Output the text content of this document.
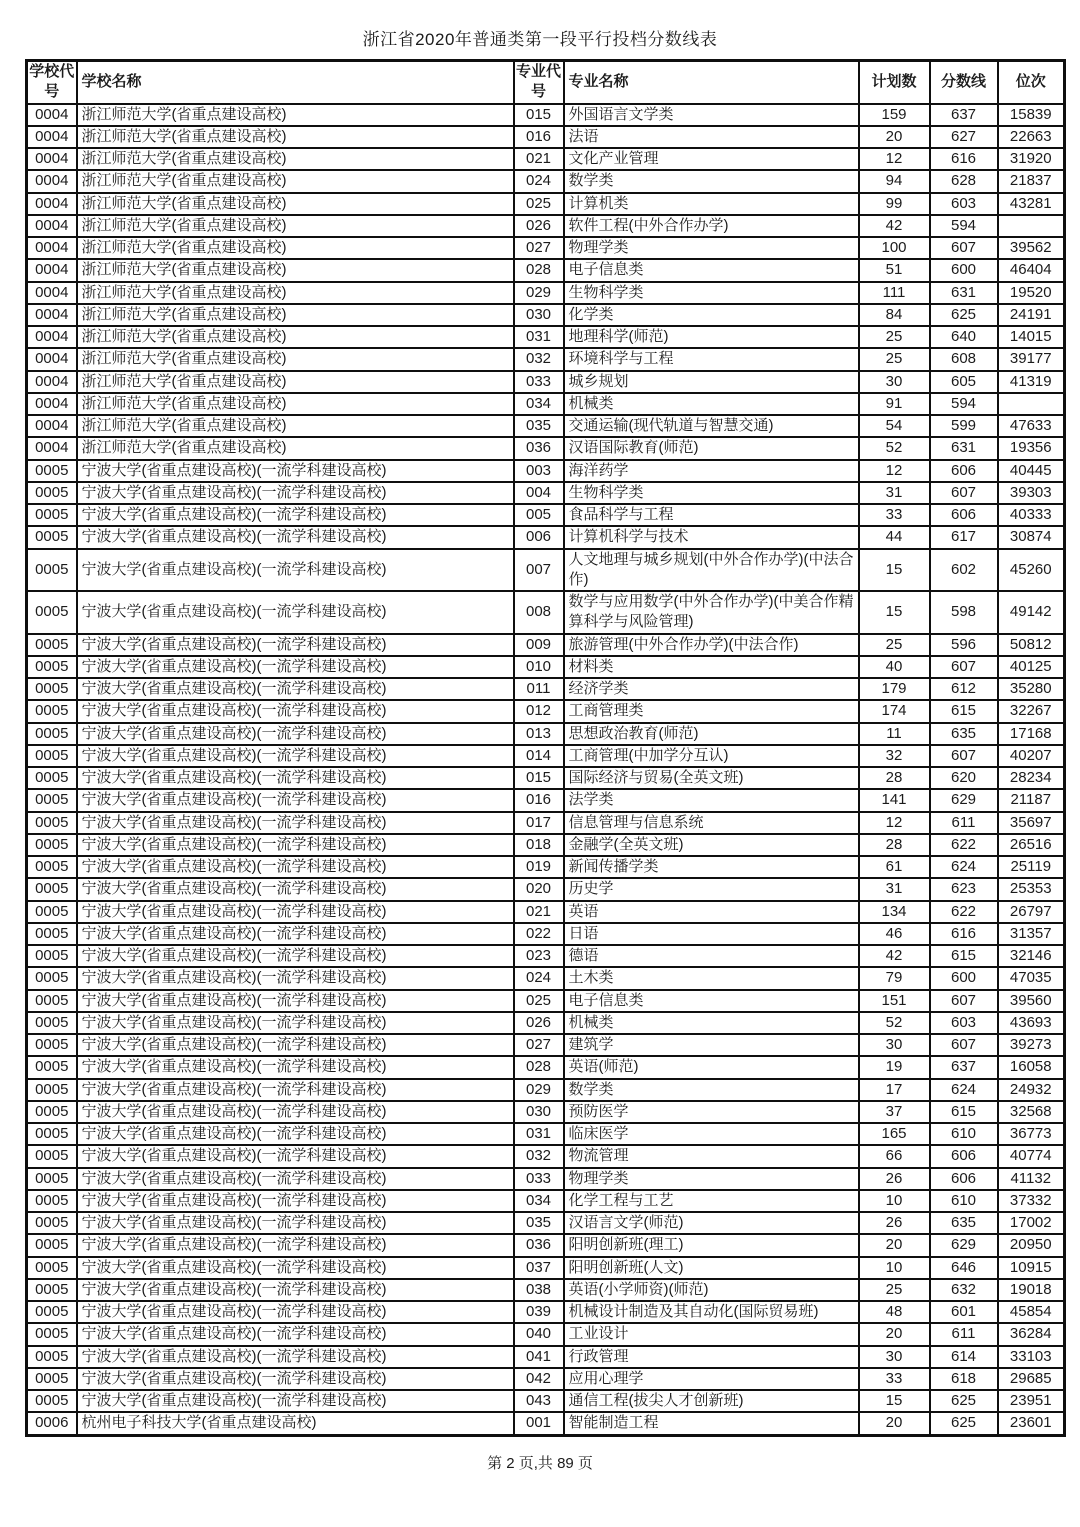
浙江省2020年普通类第一段平行投档分数线表
学校代号	学校名称	专业代号	专业名称	计划数	分数线	位次
0004	浙江师范大学(省重点建设高校)	015	外国语言文学类	159	637	15839
0004	浙江师范大学(省重点建设高校)	016	法语	20	627	22663
0004	浙江师范大学(省重点建设高校)	021	文化产业管理	12	616	31920
0004	浙江师范大学(省重点建设高校)	024	数学类	94	628	21837
0004	浙江师范大学(省重点建设高校)	025	计算机类	99	603	43281
0004	浙江师范大学(省重点建设高校)	026	软件工程(中外合作办学)	42	594	
0004	浙江师范大学(省重点建设高校)	027	物理学类	100	607	39562
0004	浙江师范大学(省重点建设高校)	028	电子信息类	51	600	46404
0004	浙江师范大学(省重点建设高校)	029	生物科学类	111	631	19520
0004	浙江师范大学(省重点建设高校)	030	化学类	84	625	24191
0004	浙江师范大学(省重点建设高校)	031	地理科学(师范)	25	640	14015
0004	浙江师范大学(省重点建设高校)	032	环境科学与工程	25	608	39177
0004	浙江师范大学(省重点建设高校)	033	城乡规划	30	605	41319
0004	浙江师范大学(省重点建设高校)	034	机械类	91	594	
0004	浙江师范大学(省重点建设高校)	035	交通运输(现代轨道与智慧交通)	54	599	47633
0004	浙江师范大学(省重点建设高校)	036	汉语国际教育(师范)	52	631	19356
0005	宁波大学(省重点建设高校)(一流学科建设高校)	003	海洋药学	12	606	40445
0005	宁波大学(省重点建设高校)(一流学科建设高校)	004	生物科学类	31	607	39303
0005	宁波大学(省重点建设高校)(一流学科建设高校)	005	食品科学与工程	33	606	40333
0005	宁波大学(省重点建设高校)(一流学科建设高校)	006	计算机科学与技术	44	617	30874
0005	宁波大学(省重点建设高校)(一流学科建设高校)	007	人文地理与城乡规划(中外合作办学)(中法合作)	15	602	45260
0005	宁波大学(省重点建设高校)(一流学科建设高校)	008	数学与应用数学(中外合作办学)(中美合作精算科学与风险管理)	15	598	49142
0005	宁波大学(省重点建设高校)(一流学科建设高校)	009	旅游管理(中外合作办学)(中法合作)	25	596	50812
0005	宁波大学(省重点建设高校)(一流学科建设高校)	010	材料类	40	607	40125
0005	宁波大学(省重点建设高校)(一流学科建设高校)	011	经济学类	179	612	35280
0005	宁波大学(省重点建设高校)(一流学科建设高校)	012	工商管理类	174	615	32267
0005	宁波大学(省重点建设高校)(一流学科建设高校)	013	思想政治教育(师范)	11	635	17168
0005	宁波大学(省重点建设高校)(一流学科建设高校)	014	工商管理(中加学分互认)	32	607	40207
0005	宁波大学(省重点建设高校)(一流学科建设高校)	015	国际经济与贸易(全英文班)	28	620	28234
0005	宁波大学(省重点建设高校)(一流学科建设高校)	016	法学类	141	629	21187
0005	宁波大学(省重点建设高校)(一流学科建设高校)	017	信息管理与信息系统	12	611	35697
0005	宁波大学(省重点建设高校)(一流学科建设高校)	018	金融学(全英文班)	28	622	26516
0005	宁波大学(省重点建设高校)(一流学科建设高校)	019	新闻传播学类	61	624	25119
0005	宁波大学(省重点建设高校)(一流学科建设高校)	020	历史学	31	623	25353
0005	宁波大学(省重点建设高校)(一流学科建设高校)	021	英语	134	622	26797
0005	宁波大学(省重点建设高校)(一流学科建设高校)	022	日语	46	616	31357
0005	宁波大学(省重点建设高校)(一流学科建设高校)	023	德语	42	615	32146
0005	宁波大学(省重点建设高校)(一流学科建设高校)	024	土木类	79	600	47035
0005	宁波大学(省重点建设高校)(一流学科建设高校)	025	电子信息类	151	607	39560
0005	宁波大学(省重点建设高校)(一流学科建设高校)	026	机械类	52	603	43693
0005	宁波大学(省重点建设高校)(一流学科建设高校)	027	建筑学	30	607	39273
0005	宁波大学(省重点建设高校)(一流学科建设高校)	028	英语(师范)	19	637	16058
0005	宁波大学(省重点建设高校)(一流学科建设高校)	029	数学类	17	624	24932
0005	宁波大学(省重点建设高校)(一流学科建设高校)	030	预防医学	37	615	32568
0005	宁波大学(省重点建设高校)(一流学科建设高校)	031	临床医学	165	610	36773
0005	宁波大学(省重点建设高校)(一流学科建设高校)	032	物流管理	66	606	40774
0005	宁波大学(省重点建设高校)(一流学科建设高校)	033	物理学类	26	606	41132
0005	宁波大学(省重点建设高校)(一流学科建设高校)	034	化学工程与工艺	10	610	37332
0005	宁波大学(省重点建设高校)(一流学科建设高校)	035	汉语言文学(师范)	26	635	17002
0005	宁波大学(省重点建设高校)(一流学科建设高校)	036	阳明创新班(理工)	20	629	20950
0005	宁波大学(省重点建设高校)(一流学科建设高校)	037	阳明创新班(人文)	10	646	10915
0005	宁波大学(省重点建设高校)(一流学科建设高校)	038	英语(小学师资)(师范)	25	632	19018
0005	宁波大学(省重点建设高校)(一流学科建设高校)	039	机械设计制造及其自动化(国际贸易班)	48	601	45854
0005	宁波大学(省重点建设高校)(一流学科建设高校)	040	工业设计	20	611	36284
0005	宁波大学(省重点建设高校)(一流学科建设高校)	041	行政管理	30	614	33103
0005	宁波大学(省重点建设高校)(一流学科建设高校)	042	应用心理学	33	618	29685
0005	宁波大学(省重点建设高校)(一流学科建设高校)	043	通信工程(拔尖人才创新班)	15	625	23951
0006	杭州电子科技大学(省重点建设高校)	001	智能制造工程	20	625	23601
第 2 页,共 89 页
